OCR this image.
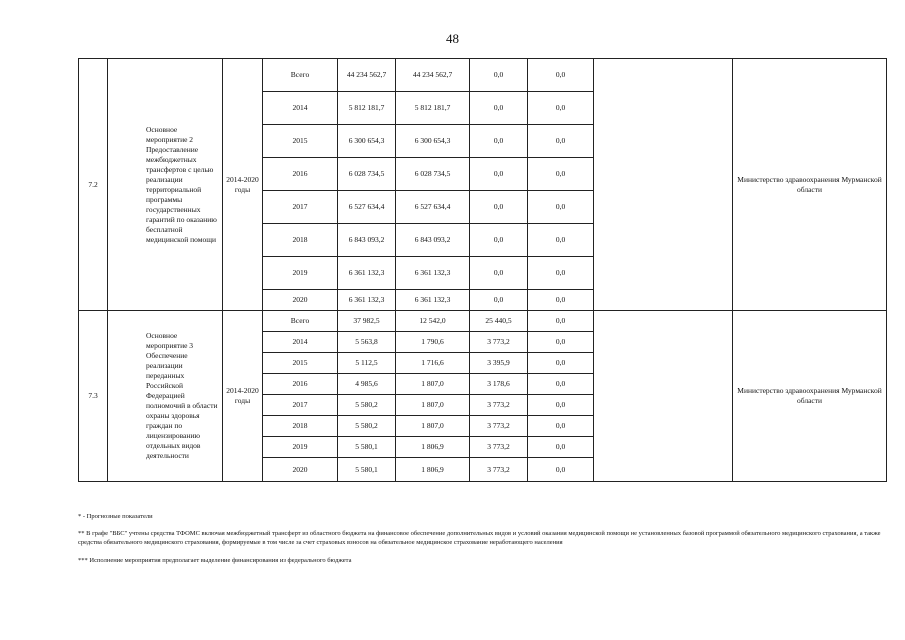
48
7.2	Основное мероприятие 2 Предоставление межбюджетных трансфертов с целью реализации территориальной программы государственных гарантий по оказанию бесплатной медицинской помощи	2014-2020 годы	Всего	44 234 562,7	44 234 562,7	0,0	0,0		Министерство здравоохранения Мурманской области
			2014	5 812 181,7	5 812 181,7	0,0	0,0		
			2015	6 300 654,3	6 300 654,3	0,0	0,0		
			2016	6 028 734,5	6 028 734,5	0,0	0,0		
			2017	6 527 634,4	6 527 634,4	0,0	0,0		
			2018	6 843 093,2	6 843 093,2	0,0	0,0		
			2019	6 361 132,3	6 361 132,3	0,0	0,0		
			2020	6 361 132,3	6 361 132,3	0,0	0,0		
7.3	Основное мероприятие 3 Обеспечение реализации переданных Российской Федерацией полномочий в области охраны здоровья граждан по лицензированию отдельных видов деятельности	2014-2020 годы	Всего	37 982,5	12 542,0	25 440,5	0,0		Министерство здравоохранения Мурманской области
			2014	5 563,8	1 790,6	3 773,2	0,0		
			2015	5 112,5	1 716,6	3 395,9	0,0		
			2016	4 985,6	1 807,0	3 178,6	0,0		
			2017	5 580,2	1 807,0	3 773,2	0,0		
			2018	5 580,2	1 807,0	3 773,2	0,0		
			2019	5 580,1	1 806,9	3 773,2	0,0		
			2020	5 580,1	1 806,9	3 773,2	0,0		

* - Прогнозные показатели

** В графе "ВБС" учтены средства ТФОМС включая межбюджетный трансферт из областного бюджета на финансовое обеспечение дополнительных видов и условий оказания медицинской помощи не установленных базовой программой обязательного медицинского страхования, а также средства обязательного медицинского страхования, формируемые в том числе за счет страховых взносов на обязательное медицинское страхование неработающего населения

*** Исполнение мероприятия предполагает выделение финансирования из федерального бюджета
